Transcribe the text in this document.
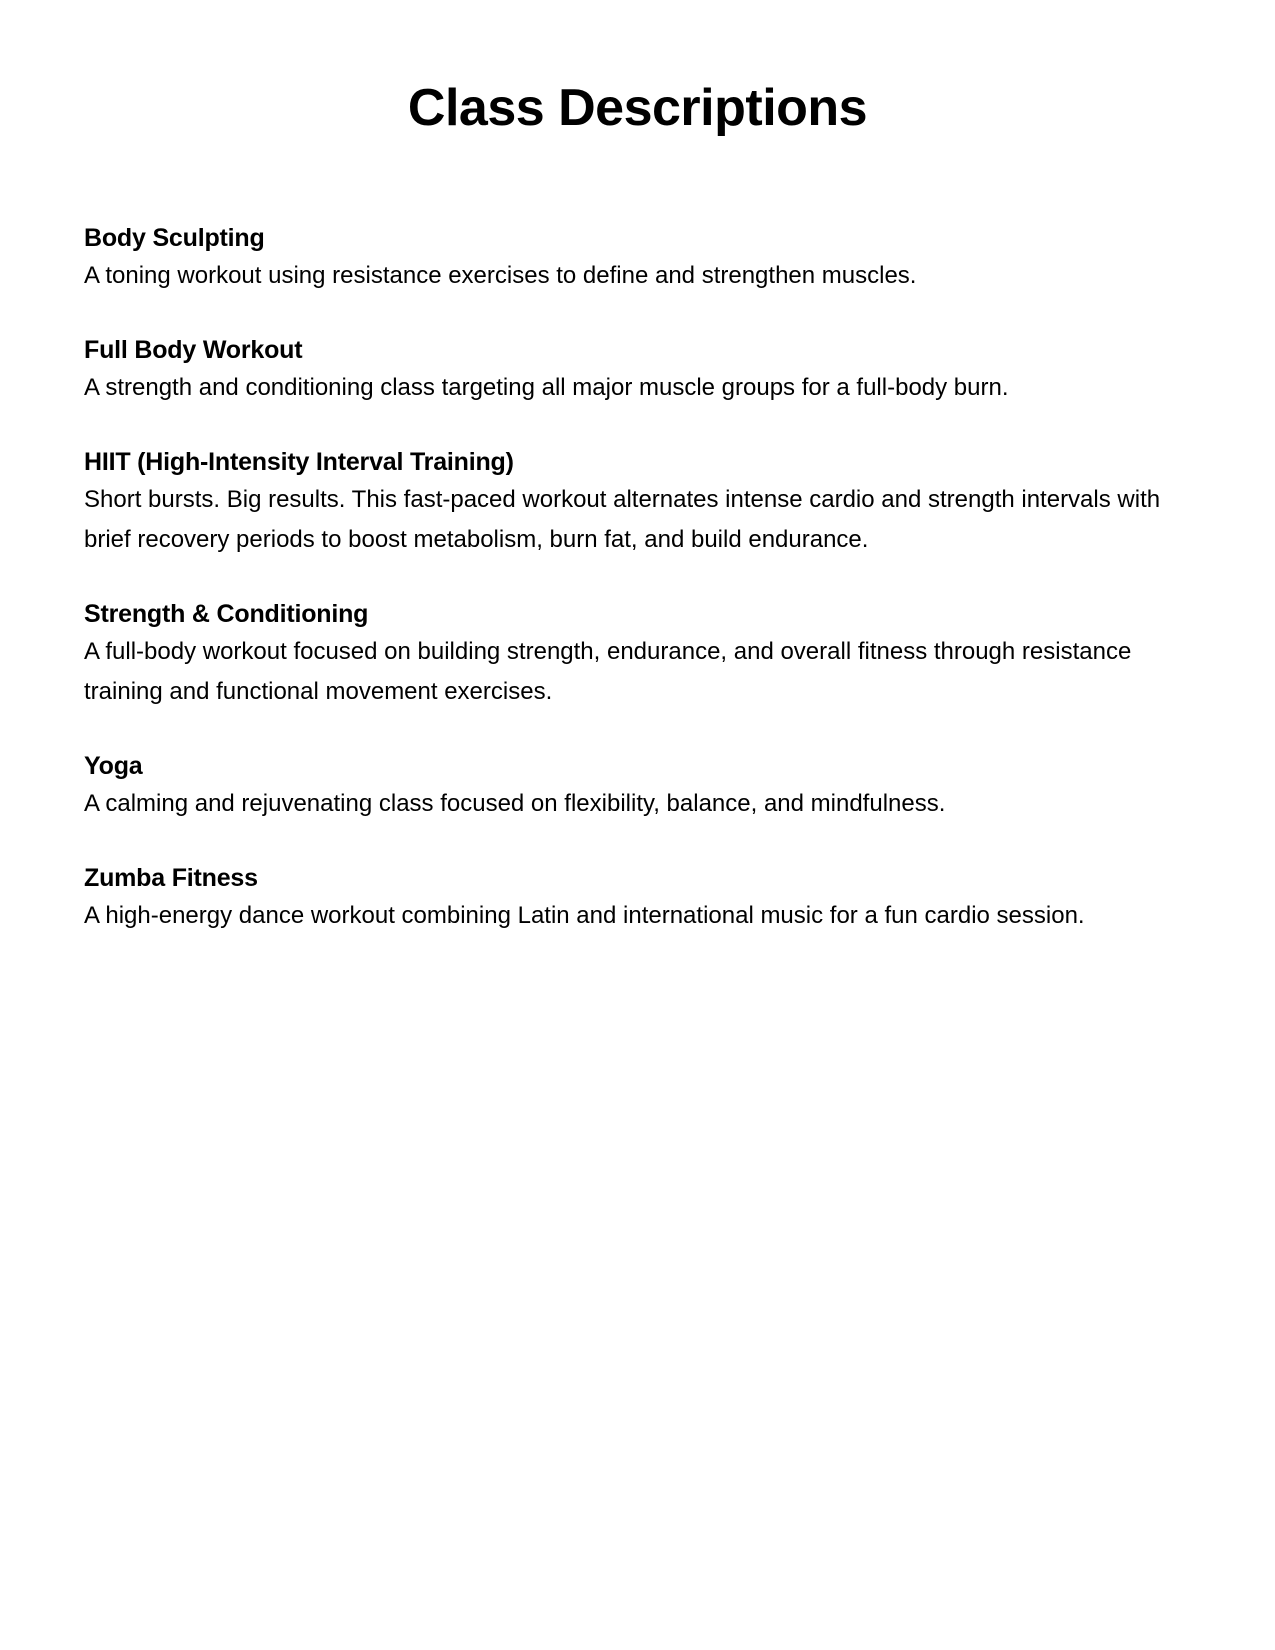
Class Descriptions

Body Sculpting

A toning workout using resistance exercises to define and strengthen muscles.

Full Body Workout

A strength and conditioning class targeting all major muscle groups for a full-body burn.

HIIT (High-Intensity Interval Training)

Short bursts. Big results. This fast-paced workout alternates intense cardio and strength intervals with brief recovery periods to boost metabolism, burn fat, and build endurance.

Strength & Conditioning

A full-body workout focused on building strength, endurance, and overall fitness through resistance training and functional movement exercises.

Yoga

A calming and rejuvenating class focused on flexibility, balance, and mindfulness.

Zumba Fitness

A high-energy dance workout combining Latin and international music for a fun cardio session.
